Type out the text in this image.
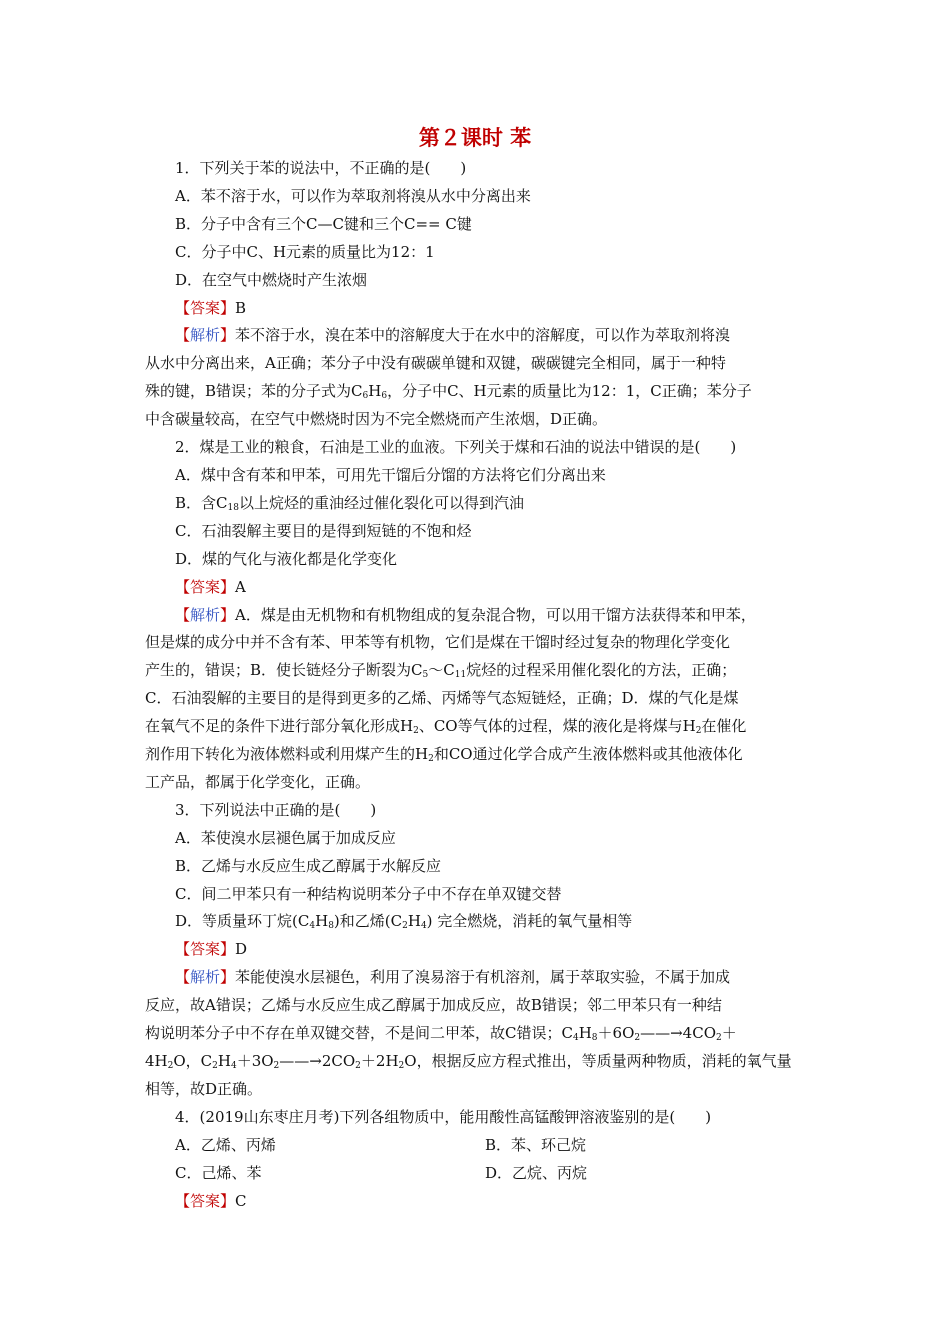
第２课时 苯

1．下列关于苯的说法中，不正确的是(　　)

A．苯不溶于水，可以作为萃取剂将溴从水中分离出来

B．分子中含有三个C—C键和三个C== C键

C．分子中C、H元素的质量比为12：1

D．在空气中燃烧时产生浓烟

【答案】B

【解析】苯不溶于水，溴在苯中的溶解度大于在水中的溶解度，可以作为萃取剂将溴
从水中分离出来，A正确；苯分子中没有碳碳单键和双键，碳碳键完全相同，属于一种特
殊的键，B错误；苯的分子式为$C_6H_6$，分子中C、H元素的质量比为12：1，C正确；苯分子
中含碳量较高，在空气中燃烧时因为不完全燃烧而产生浓烟，D正确。

2．煤是工业的粮食，石油是工业的血液。下列关于煤和石油的说法中错误的是(　　)

A．煤中含有苯和甲苯，可用先干馏后分馏的方法将它们分离出来

B．含$C_{18}$以上烷烃的重油经过催化裂化可以得到汽油

C．石油裂解主要目的是得到短链的不饱和烃

D．煤的气化与液化都是化学变化

【答案】A

【解析】A．煤是由无机物和有机物组成的复杂混合物，可以用干馏方法获得苯和甲苯，
但是煤的成分中并不含有苯、甲苯等有机物，它们是煤在干馏时经过复杂的物理化学变化
产生的，错误；B．使长链烃分子断裂为$C_5\sim C_{11}$烷烃的过程采用催化裂化的方法，正确；
C．石油裂解的主要目的是得到更多的乙烯、丙烯等气态短链烃，正确；D．煤的气化是煤
在氧气不足的条件下进行部分氧化形成$H_2$、CO等气体的过程，煤的液化是将煤与$H_2$在催化
剂作用下转化为液体燃料或利用煤产生的$H_2$和CO通过化学合成产生液体燃料或其他液体化
工产品，都属于化学变化，正确。

3．下列说法中正确的是(　　)

A．苯使溴水层褪色属于加成反应

B．乙烯与水反应生成乙醇属于水解反应

C．间二甲苯只有一种结构说明苯分子中不存在单双键交替

D．等质量环丁烷$(C_4H_8)$和乙烯$(C_2H_4)$ 完全燃烧，消耗的氧气量相等

【答案】D

【解析】苯能使溴水层褪色，利用了溴易溶于有机溶剂，属于萃取实验，不属于加成
反应，故A错误；乙烯与水反应生成乙醇属于加成反应，故B错误；邻二甲苯只有一种结
构说明苯分子中不存在单双键交替，不是间二甲苯，故C错误；$C_4H_8+6O_2——\to 4CO_2+$
$4H_2O$，$C_2H_4+3O_2——\to 2CO_2+2H_2O$，根据反应方程式推出，等质量两种物质，消耗的氧气量
相等，故D正确。

4．(2019山东枣庄月考)下列各组物质中，能用酸性高锰酸钾溶液鉴别的是(　　)

A．乙烯、丙烯	B．苯、环己烷
C．己烯、苯	D．乙烷、丙烷

【答案】C
